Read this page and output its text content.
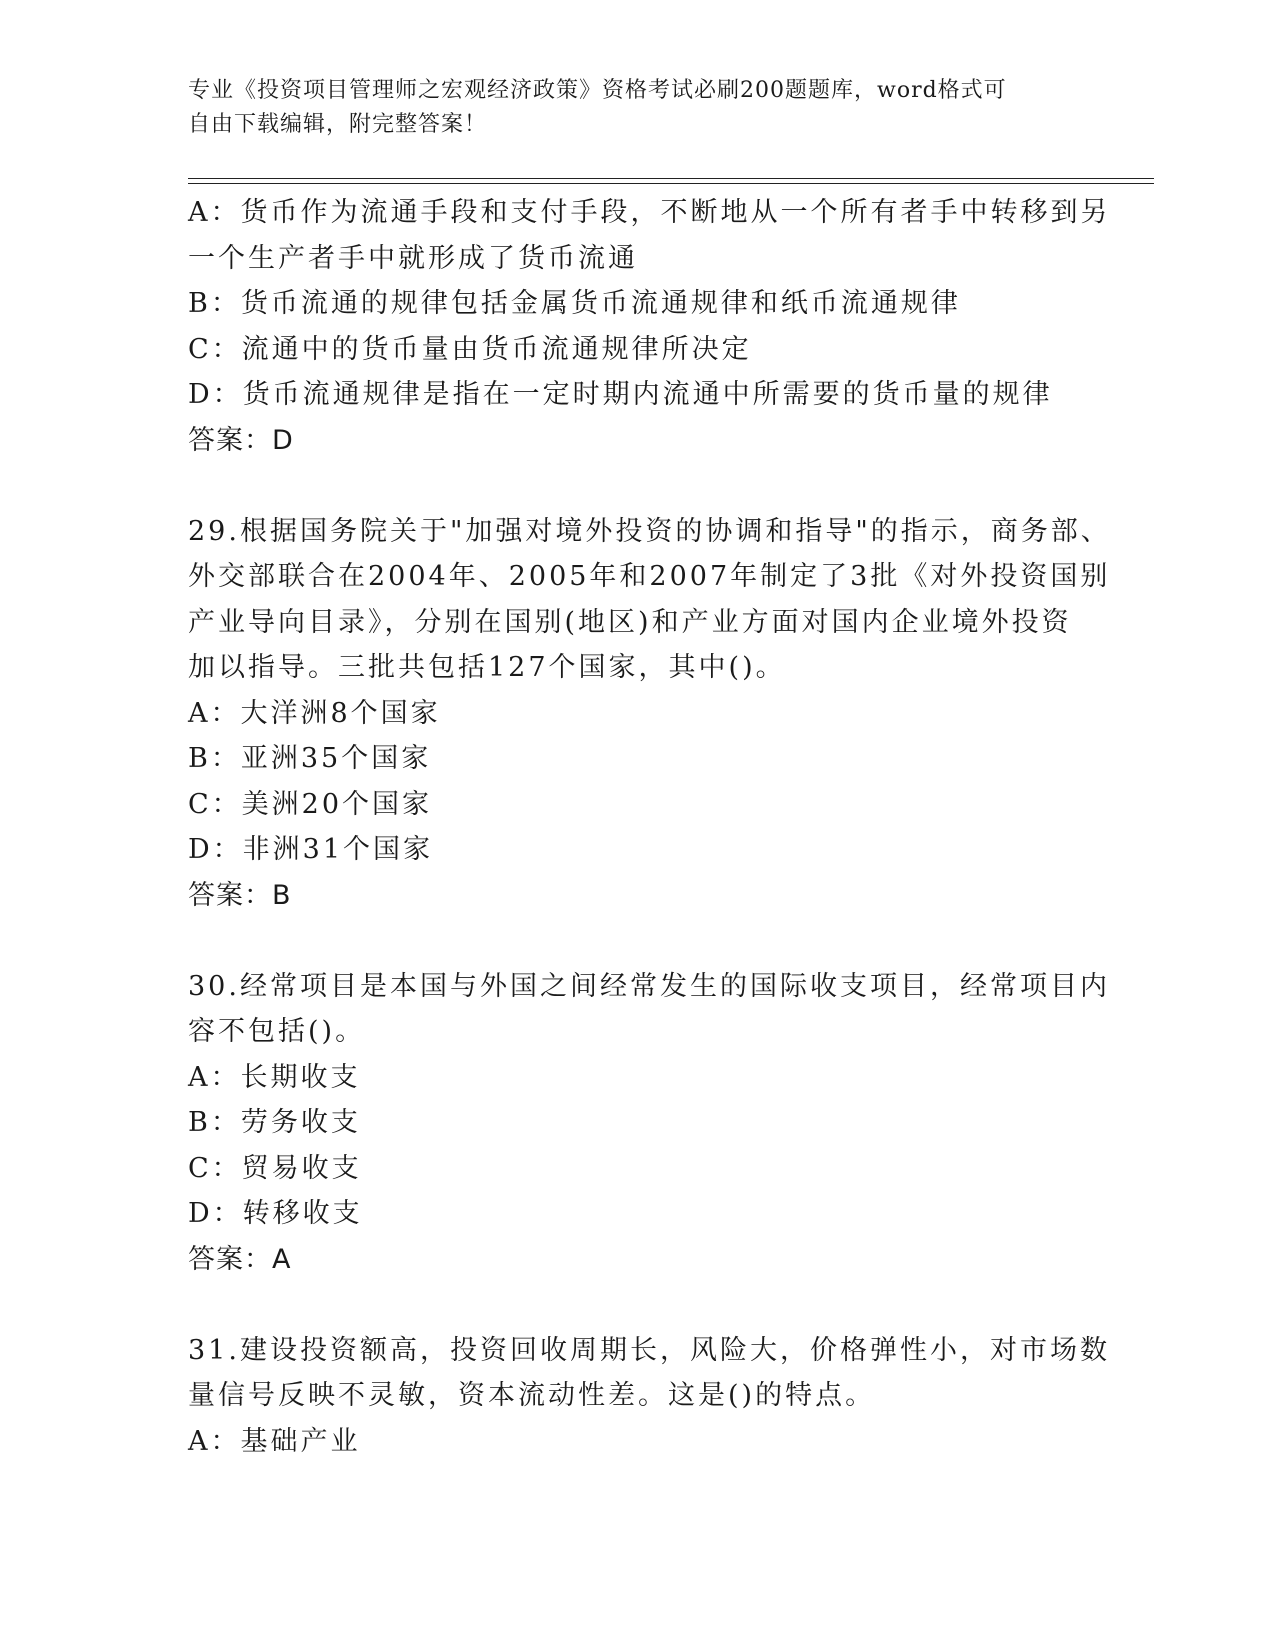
专业《投资项目管理师之宏观经济政策》资格考试必刷200题题库，word格式可
自由下载编辑，附完整答案！
A：货币作为流通手段和支付手段，不断地从一个所有者手中转移到另
一个生产者手中就形成了货币流通
B：货币流通的规律包括金属货币流通规律和纸币流通规律
C：流通中的货币量由货币流通规律所决定
D：货币流通规律是指在一定时期内流通中所需要的货币量的规律
答案：D
29.根据国务院关于"加强对境外投资的协调和指导"的指示，商务部、
外交部联合在2004年、2005年和2007年制定了3批《对外投资国别
产业导向目录》，分别在国别(地区)和产业方面对国内企业境外投资
加以指导。三批共包括127个国家，其中()。
A：大洋洲8个国家
B：亚洲35个国家
C：美洲20个国家
D：非洲31个国家
答案：B
30.经常项目是本国与外国之间经常发生的国际收支项目，经常项目内
容不包括()。
A：长期收支
B：劳务收支
C：贸易收支
D：转移收支
答案：A
31.建设投资额高，投资回收周期长，风险大，价格弹性小，对市场数
量信号反映不灵敏，资本流动性差。这是()的特点。
A：基础产业
